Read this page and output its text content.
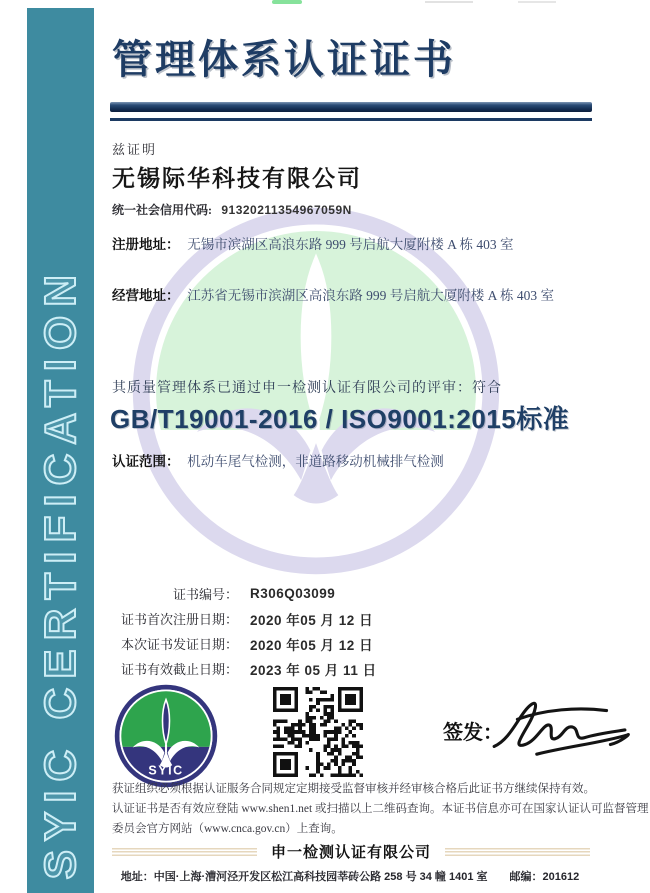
SYIC CERTIFICATION
管理体系认证证书
兹证明
无锡际华科技有限公司
统一社会信用代码: 91320211354967059N
注册地址： 无锡市滨湖区高浪东路 999 号启航大厦附楼 A 栋 403 室
经营地址： 江苏省无锡市滨湖区高浪东路 999 号启航大厦附楼 A 栋 403 室
其质量管理体系已通过申一检测认证有限公司的评审：符合
GB/T19001-2016 / ISO9001:2015标准
认证范围： 机动车尾气检测，非道路移动机械排气检测
证书编号： R306Q03099
证书首次注册日期： 2020 年05 月 12 日
本次证书发证日期： 2020 年05 月 12 日
证书有效截止日期： 2023 年 05 月 11 日
SYIC
签发：
获证组织必须根据认证服务合同规定定期接受监督审核并经审核合格后此证书方继续保持有效。
认证证书是否有效应登陆 www.shen1.net 或扫描以上二维码查询。本证书信息亦可在国家认证认可监督管理
委员会官方网站（www.cnca.gov.cn）上查询。
申一检测认证有限公司
地址：中国·上海·漕河泾开发区松江高科技园莘砖公路 258 号 34 幢 1401 室　　邮编：201612
